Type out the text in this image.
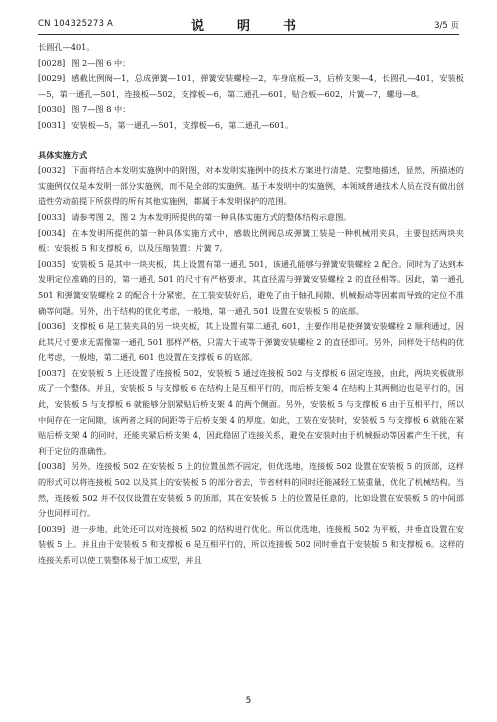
CN 104325273 A	说　明　书	3/5 页

长圆孔—401。

[0028] 图 2—图 6 中：

[0029] 感截比例阀—1，总成弹簧—101，弹簧安装螺栓—2，车身底板—3，后桥支架—4，长圆孔—401，安装板—5，第一通孔—501，连接板—502，支撑板—6，第二通孔—601，贴合板—602，片簧—7，螺母—8。

[0030] 图 7—图 8 中：

[0031] 安装板—5，第一通孔—501，支撑板—6，第二通孔—601。

具体实施方式

[0032] 下面将结合本发明实施例中的附图，对本发明实施例中的技术方案进行清楚、完整地描述，显然，所描述的实施例仅仅是本发明一部分实施例，而不是全部的实施例。基于本发明中的实施例，本领域普通技术人员在没有做出创造性劳动前提下所获得的所有其他实施例，都属于本发明保护的范围。

[0033] 请参考图 2，图 2 为本发明所提供的第一种具体实施方式的整体结构示意图。

[0034] 在本发明所提供的第一种具体实施方式中，感载比例阀总成弹簧工装是一种机械用夹具，主要包括两块夹板：安装板 5 和支撑板 6，以及压缩装置：片簧 7。

[0035] 安装板 5 是其中一块夹板，其上设置有第一通孔 501，该通孔能够与弹簧安装螺栓 2 配合。同时为了达到本发明定位准确的目的，第一通孔 501 的尺寸有严格要求，其直径需与弹簧安装螺栓 2 的直径相等。因此，第一通孔 501 和弹簧安装螺栓 2 的配合十分紧密，在工装安装好后，避免了由于轴孔间隙、机械振动等因素而导致的定位不准确等问题。另外，出于结构的优化考虑，一般地，第一通孔 501 设置在安装板 5 的底部。

[0036] 支撑板 6 是工装夹具的另一块夹板，其上设置有第二通孔 601，主要作用是使弹簧安装螺栓 2 顺利通过，因此其尺寸要求无需像第一通孔 501 那样严格，只需大于或等于弹簧安装螺栓 2 的直径即可。另外，同样处于结构的优化考虑，一般地，第二通孔 601 也设置在支撑板 6 的底部。

[0037] 在安装板 5 上还设置了连接板 502，安装板 5 通过连接板 502 与支撑板 6 固定连接，由此，两块夹板就形成了一个整体。并且，安装板 5 与支撑板 6 在结构上是互相平行的，而后桥支架 4 在结构上其两侧边也是平行的，因此，安装板 5 与支撑板 6 就能够分别紧贴后桥支架 4 的两个侧面。另外，安装板 5 与支撑板 6 由于互相平行，所以中间存在一定间隙，该两者之间的间距等于后桥支架 4 的厚度。如此，工装在安装时，安装板 5 与支撑板 6 就能在紧贴后桥支架 4 的同时，还能夹紧后桥支架 4，因此稳固了连接关系，避免在安装时由于机械振动等因素产生干扰，有利于定位的准确性。

[0038] 另外，连接板 502 在安装板 5 上的位置虽然不固定，但优选地，连接板 502 设置在安装板 5 的顶部，这样的形式可以将连接板 502 以及其上的安装板 5 的部分省去，节省材料的同时还能减轻工装重量，优化了机械结构。当然，连接板 502 并不仅仅设置在安装板 5 的顶部，其在安装板 5 上的位置是任意的，比如设置在安装板 5 的中间部分也同样可行。

[0039] 进一步地，此处还可以对连接板 502 的结构进行优化。所以优选地，连接板 502 为平板，并垂直设置在安装板 5 上。并且由于安装板 5 和支撑板 6 是互相平行的，所以连接板 502 同时垂直于安装版 5 和支撑板 6。这样的连接关系可以使工装整体易于加工成型，并且

5
